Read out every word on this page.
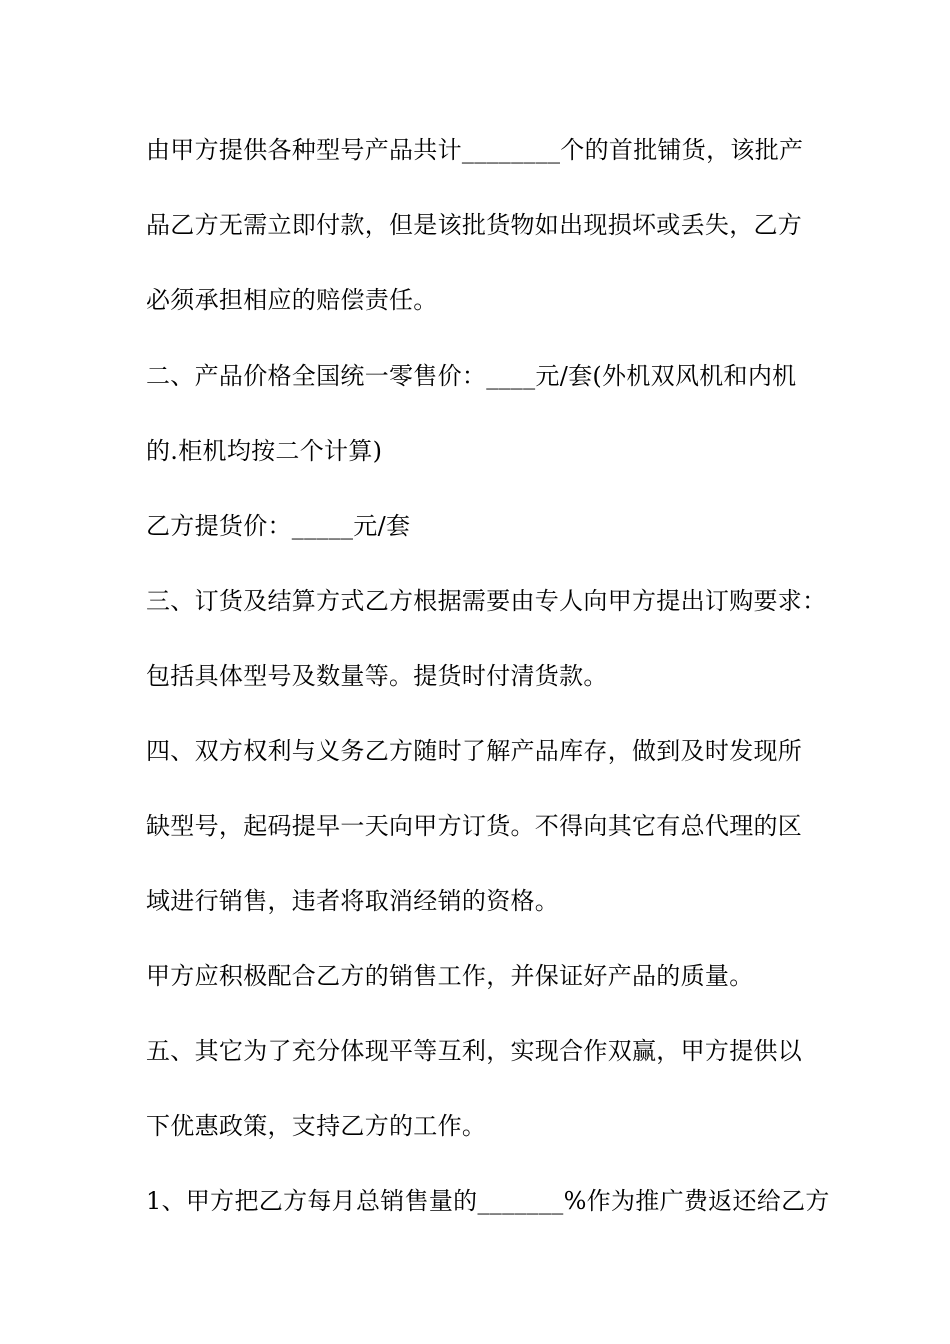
由甲方提供各种型号产品共计________个的首批铺货，该批产
品乙方无需立即付款，但是该批货物如出现损坏或丢失，乙方
必须承担相应的赔偿责任。
二、产品价格全国统一零售价：____元/套(外机双风机和内机
的.柜机均按二个计算)
乙方提货价：_____元/套
三、订货及结算方式乙方根据需要由专人向甲方提出订购要求：
包括具体型号及数量等。提货时付清货款。
四、双方权利与义务乙方随时了解产品库存，做到及时发现所
缺型号，起码提早一天向甲方订货。不得向其它有总代理的区
域进行销售，违者将取消经销的资格。
甲方应积极配合乙方的销售工作，并保证好产品的质量。
五、其它为了充分体现平等互利，实现合作双赢，甲方提供以
下优惠政策，支持乙方的工作。
1、甲方把乙方每月总销售量的_______%作为推广费返还给乙方
